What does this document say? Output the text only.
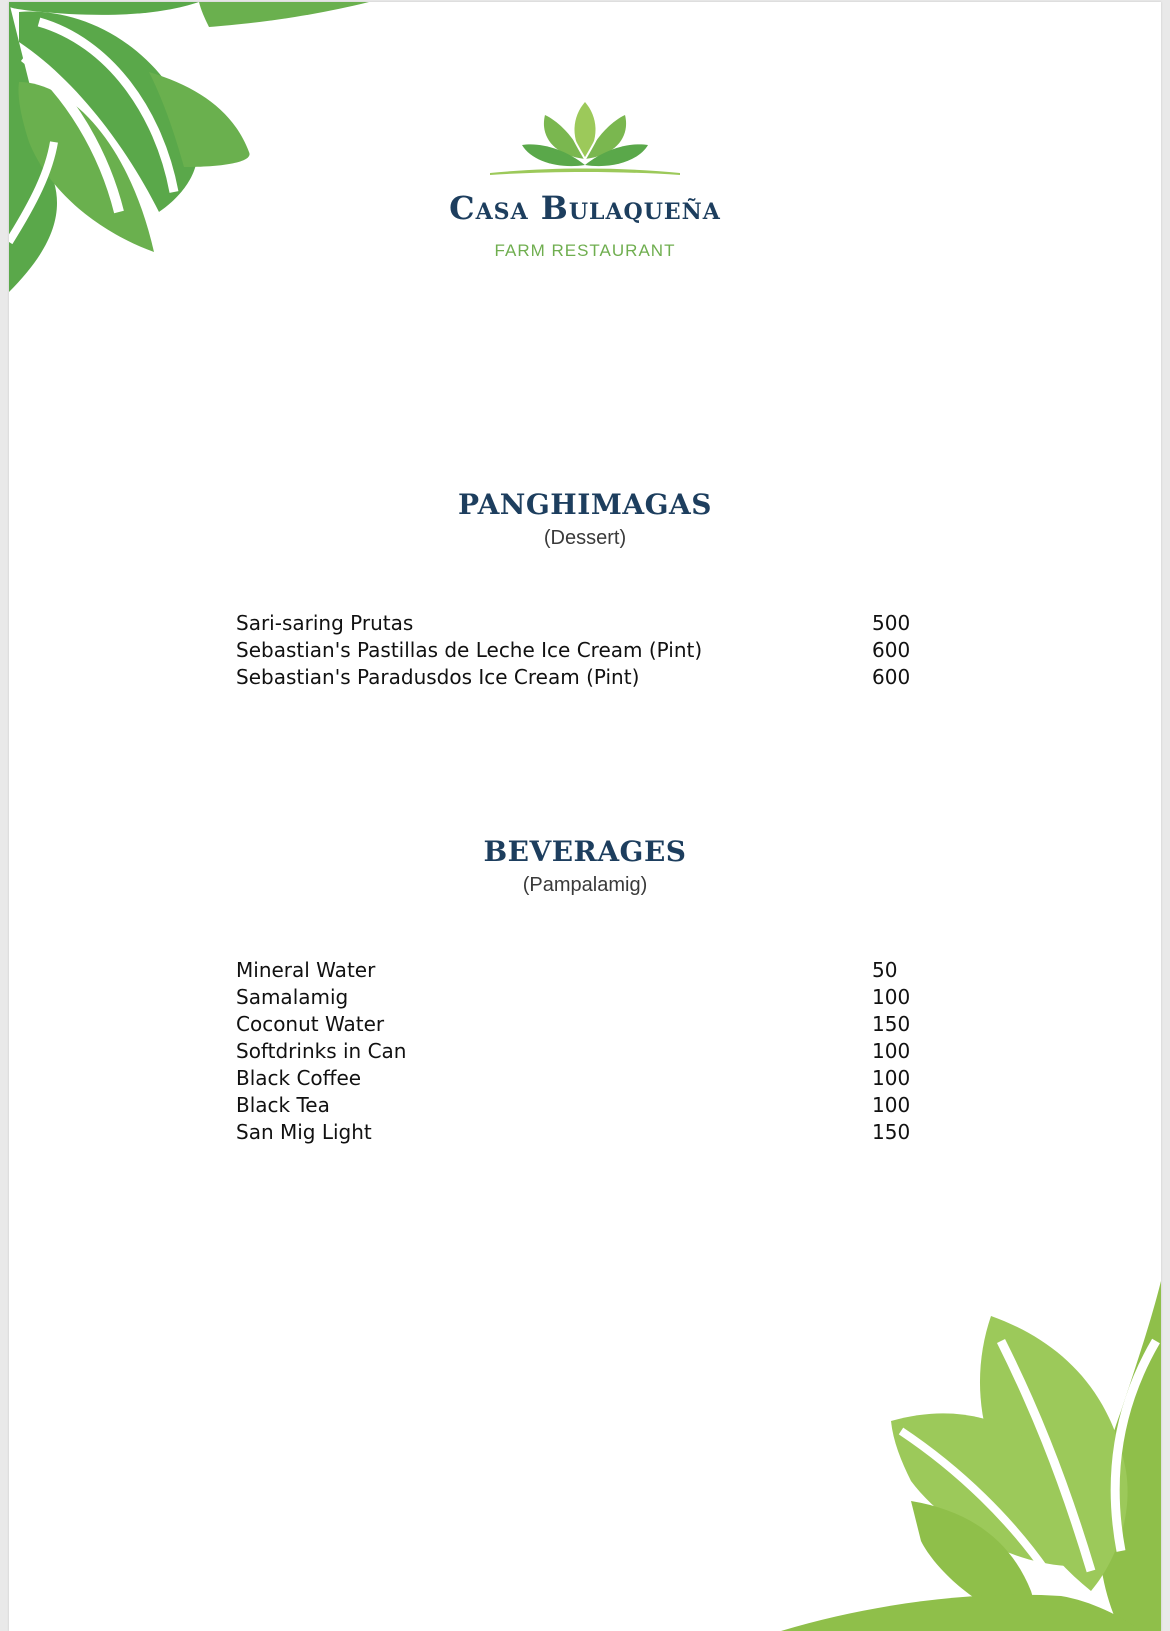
Casa Bulaqueña
FARM RESTAURANT
PANGHIMAGAS
(Dessert)
Sari-saring Prutas	500
Sebastian's Pastillas de Leche Ice Cream (Pint)	600
Sebastian's Paradusdos Ice Cream (Pint)	600
BEVERAGES
(Pampalamig)
Mineral Water	50
Samalamig	100
Coconut Water	150
Softdrinks in Can	100
Black Coffee	100
Black Tea	100
San Mig Light	150
